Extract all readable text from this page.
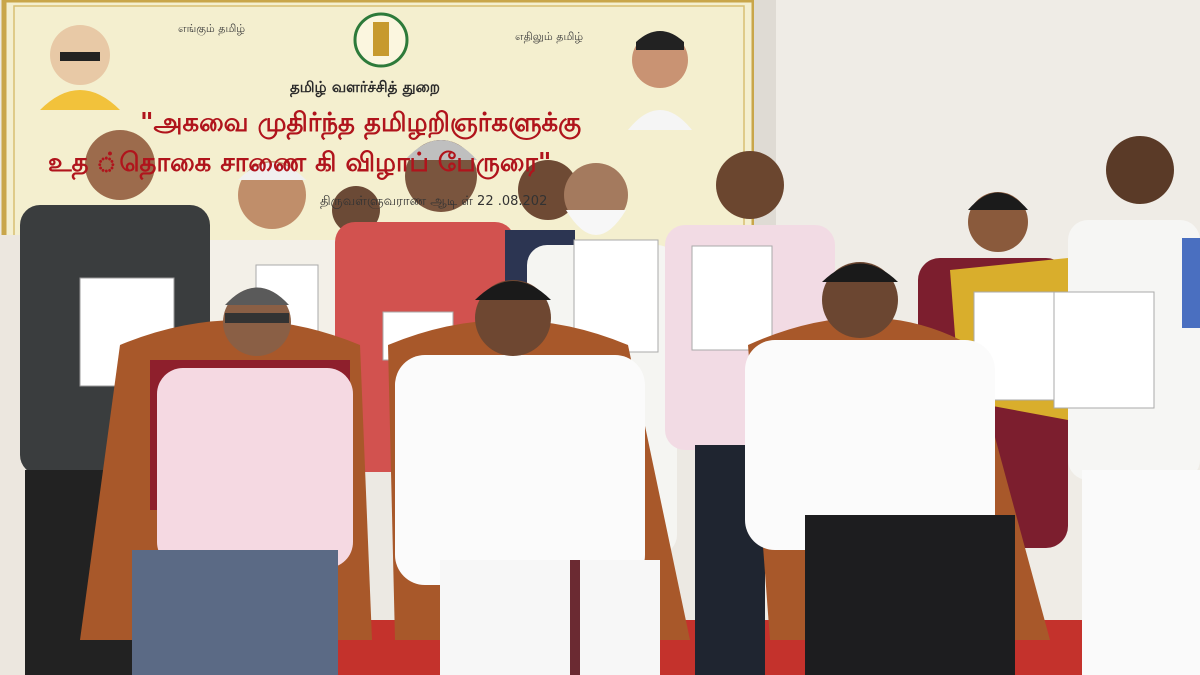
எங்கும் தமிழ்
எதிலும் தமிழ்
தமிழ் வளர்ச்சித் துறை
"அகவை முதிர்ந்த தமிழறிஞர்களுக்கு
உத ்தொகை சாணை கி விழாப் பேருரை"
திருவள்ளுவராண ஆடி ள் 22 .08.202
